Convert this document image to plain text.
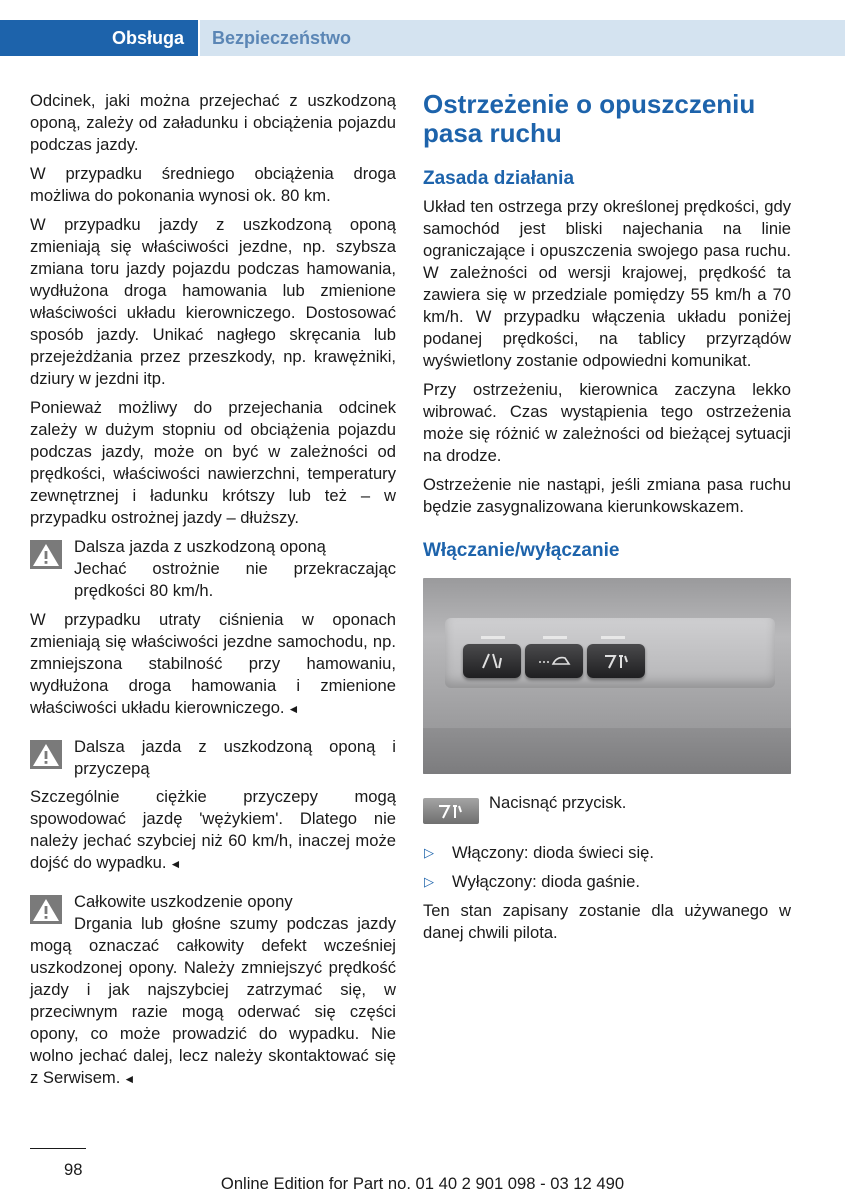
Obsługa	Bezpieczeństwo

Odcinek, jaki można przejechać z uszkodzoną oponą, zależy od załadunku i obciążenia pojazdu podczas jazdy.

W przypadku średniego obciążenia droga możliwa do pokonania wynosi ok. 80 km.

W przypadku jazdy z uszkodzoną oponą zmieniają się właściwości jezdne, np. szybsza zmiana toru jazdy pojazdu podczas hamowania, wydłużona droga hamowania lub zmienione właściwości układu kierowniczego. Dostosować sposób jazdy. Unikać nagłego skręcania lub przejeżdżania przez przeszkody, np. krawężniki, dziury w jezdni itp.

Ponieważ możliwy do przejechania odcinek zależy w dużym stopniu od obciążenia pojazdu podczas jazdy, może on być w zależności od prędkości, właściwości nawierzchni, temperatury zewnętrznej i ładunku krótszy lub też – w przypadku ostrożnej jazdy – dłuższy.

Dalsza jazda z uszkodzoną oponą

Jechać ostrożnie nie przekraczając prędkości 80 km/h.

W przypadku utraty ciśnienia w oponach zmieniają się właściwości jezdne samochodu, np. zmniejszona stabilność przy hamowaniu, wydłużona droga hamowania i zmienione właściwości układu kierowniczego. ◄

Dalsza jazda z uszkodzoną oponą i przyczepą

Szczególnie ciężkie przyczepy mogą spowodować jazdę 'wężykiem'. Dlatego nie należy jechać szybciej niż 60 km/h, inaczej może dojść do wypadku. ◄

Całkowite uszkodzenie opony

Drgania lub głośne szumy podczas jazdy mogą oznaczać całkowity defekt wcześniej uszkodzonej opony. Należy zmniejszyć prędkość jazdy i jak najszybciej zatrzymać się, w przeciwnym razie mogą oderwać się części opony, co może prowadzić do wypadku. Nie wolno jechać dalej, lecz należy skontaktować się z Serwisem. ◄

Ostrzeżenie o opuszczeniu pasa ruchu
Zasada działania

Układ ten ostrzega przy określonej prędkości, gdy samochód jest bliski najechania na linie ograniczające i opuszczenia swojego pasa ruchu. W zależności od wersji krajowej, prędkość ta zawiera się w przedziale pomiędzy 55 km/h a 70 km/h. W przypadku włączenia układu poniżej podanej prędkości, na tablicy przyrządów wyświetlony zostanie odpowiedni komunikat.

Przy ostrzeżeniu, kierownica zaczyna lekko wibrować. Czas wystąpienia tego ostrzeżenia może się różnić w zależności od bieżącej sytuacji na drodze.

Ostrzeżenie nie nastąpi, jeśli zmiana pasa ruchu będzie zasygnalizowana kierunkowskazem.

Włączanie/wyłączanie

Nacisnąć przycisk.

▷ Włączony: dioda świeci się.
▷ Wyłączony: dioda gaśnie.

Ten stan zapisany zostanie dla używanego w danej chwili pilota.

98
Online Edition for Part no. 01 40 2 901 098 - 03 12 490
